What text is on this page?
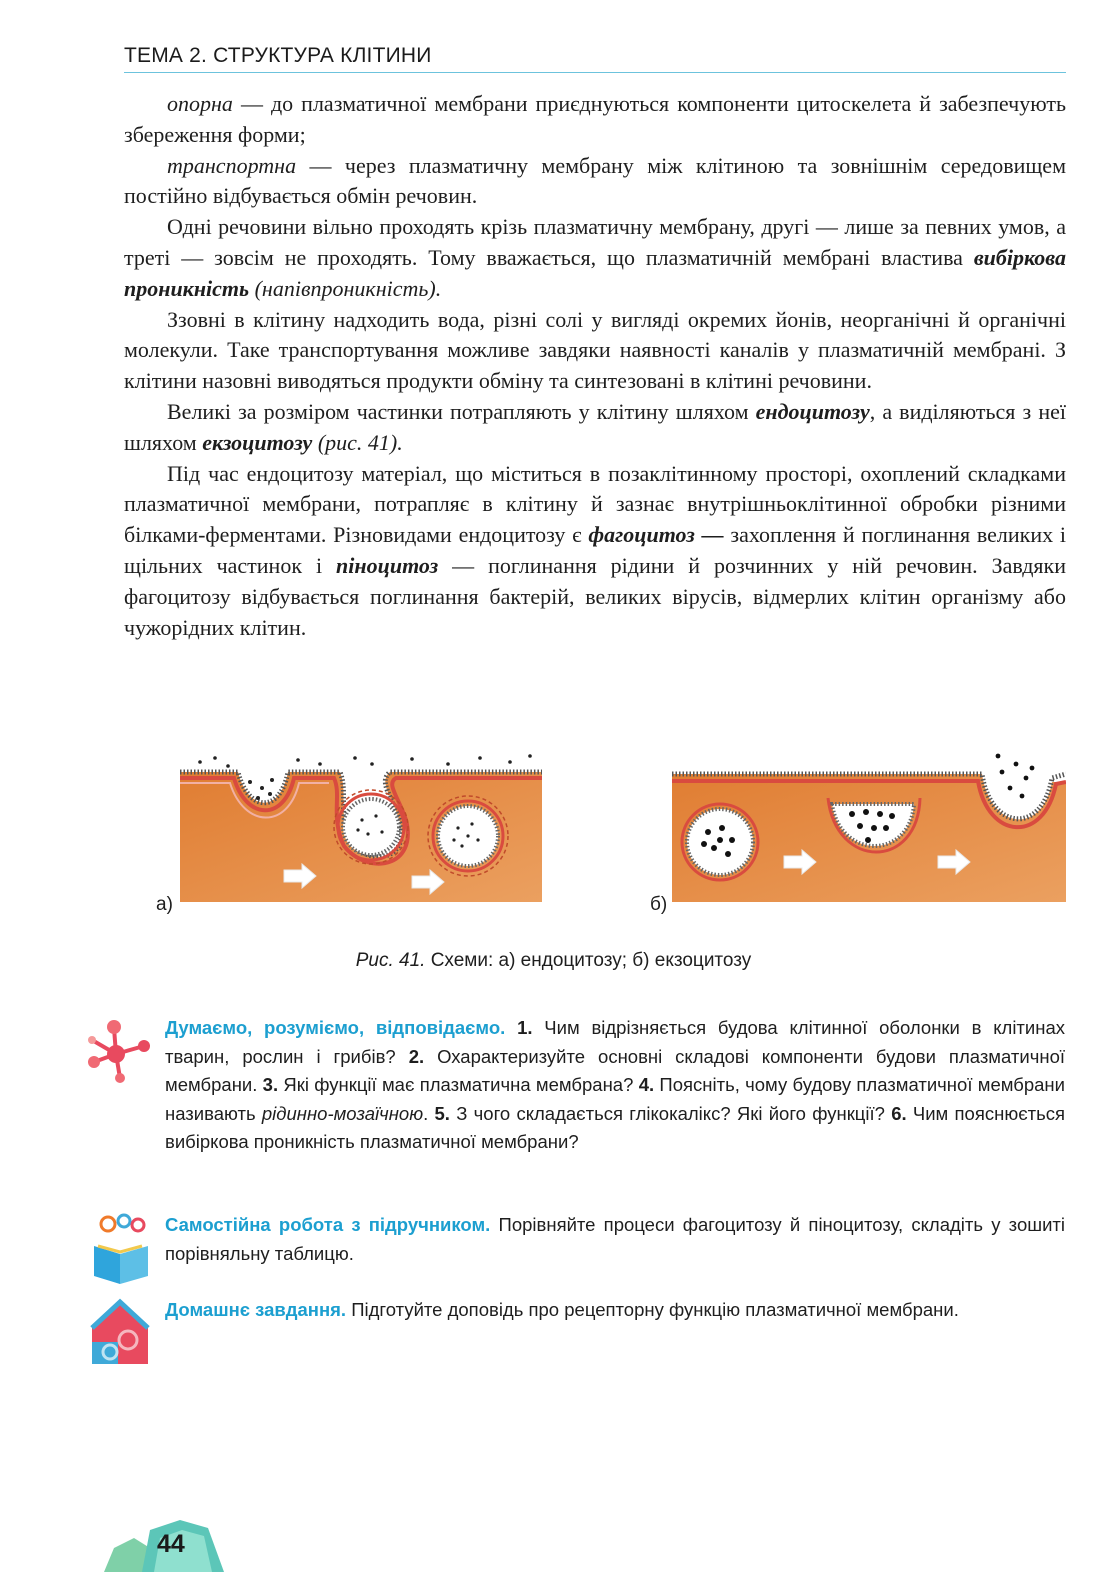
ТЕМА 2. СТРУКТУРА КЛІТИНИ

опорна — до плазматичної мембрани приєднуються компоненти цитоскелета й забезпечують збереження форми;

транспортна — через плазматичну мембрану між клітиною та зовнішнім середовищем постійно відбувається обмін речовин.

Одні речовини вільно проходять крізь плазматичну мембрану, другі — лише за певних умов, а треті — зовсім не проходять. Тому вважається, що плазматичній мембрані властива вибіркова проникність (напівпроникність).

Ззовні в клітину надходить вода, різні солі у вигляді окремих йонів, неорганічні й органічні молекули. Таке транспортування можливе завдяки наявності каналів у плазматичній мембрані. З клітини назовні виводяться продукти обміну та синтезовані в клітині речовини.

Великі за розміром частинки потрапляють у клітину шляхом ендоцитозу, а виділяються з неї шляхом екзоцитозу (рис. 41).

Під час ендоцитозу матеріал, що міститься в позаклітинному просторі, охоплений складками плазматичної мембрани, потрапляє в клітину й зазнає внутрішньоклітинної обробки різними білками-ферментами. Різновидами ендоцитозу є фагоцитоз — захоплення й поглинання великих і щільних частинок і піноцитоз — поглинання рідини й розчинних у ній речовин. Завдяки фагоцитозу відбувається поглинання бактерій, великих вірусів, відмерлих клітин організму або чужорідних клітин.

а)	б)
Рис. 41. Схеми: а) ендоцитозу; б) екзоцитозу
Думаємо, розуміємо, відповідаємо. 1. Чим відрізняється будова клітинної оболонки в клітинах тварин, рослин і грибів? 2. Охарактеризуйте основні складові компоненти будови плазматичної мембрани. 3. Які функції має плазматична мембрана? 4. Поясніть, чому будову плазматичної мембрани називають рідинно-мозаїчною. 5. З чого складається глікокалікс? Які його функції? 6. Чим пояснюється вибіркова проникність плазматичної мембрани?
Самостійна робота з підручником. Порівняйте процеси фагоцитозу й піноцитозу, складіть у зошиті порівняльну таблицю.
Домашнє завдання. Підготуйте доповідь про рецепторну функцію плазматичної мембрани.
44
